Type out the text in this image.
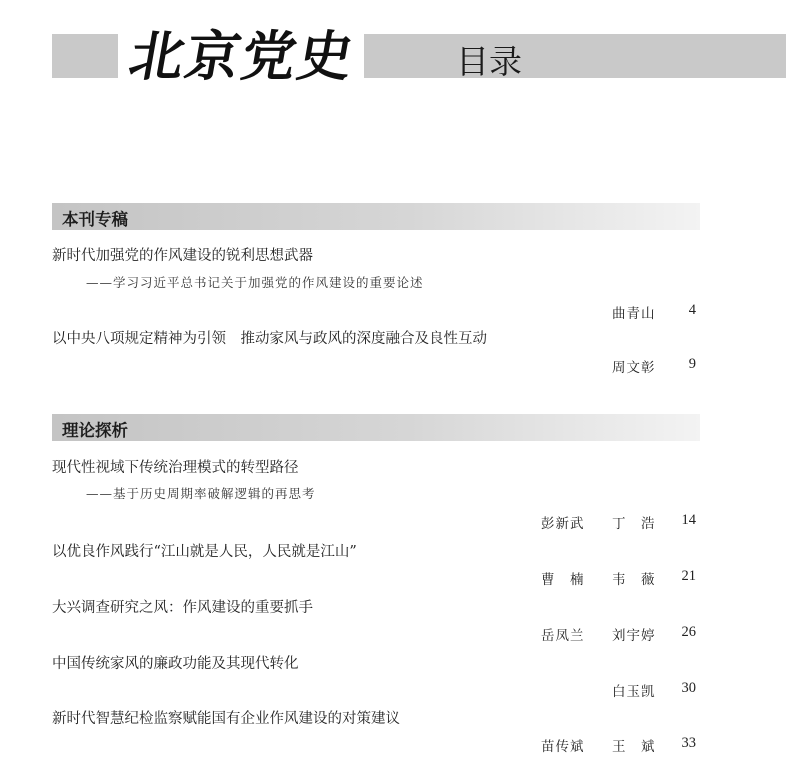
北京党史	目录
本刊专稿
新时代加强党的作风建设的锐利思想武器
——学习习近平总书记关于加强党的作风建设的重要论述
曲青山	4
以中央八项规定精神为引领　推动家风与政风的深度融合及良性互动
周文彰	9
理论探析
现代性视域下传统治理模式的转型路径
——基于历史周期率破解逻辑的再思考
彭新武 丁　浩	14
以优良作风践行“江山就是人民，人民就是江山”
曹　楠 韦　薇	21
大兴调查研究之风：作风建设的重要抓手
岳凤兰 刘宇婷	26
中国传统家风的廉政功能及其现代转化
白玉凯	30
新时代智慧纪检监察赋能国有企业作风建设的对策建议
苗传斌 王　斌	33
